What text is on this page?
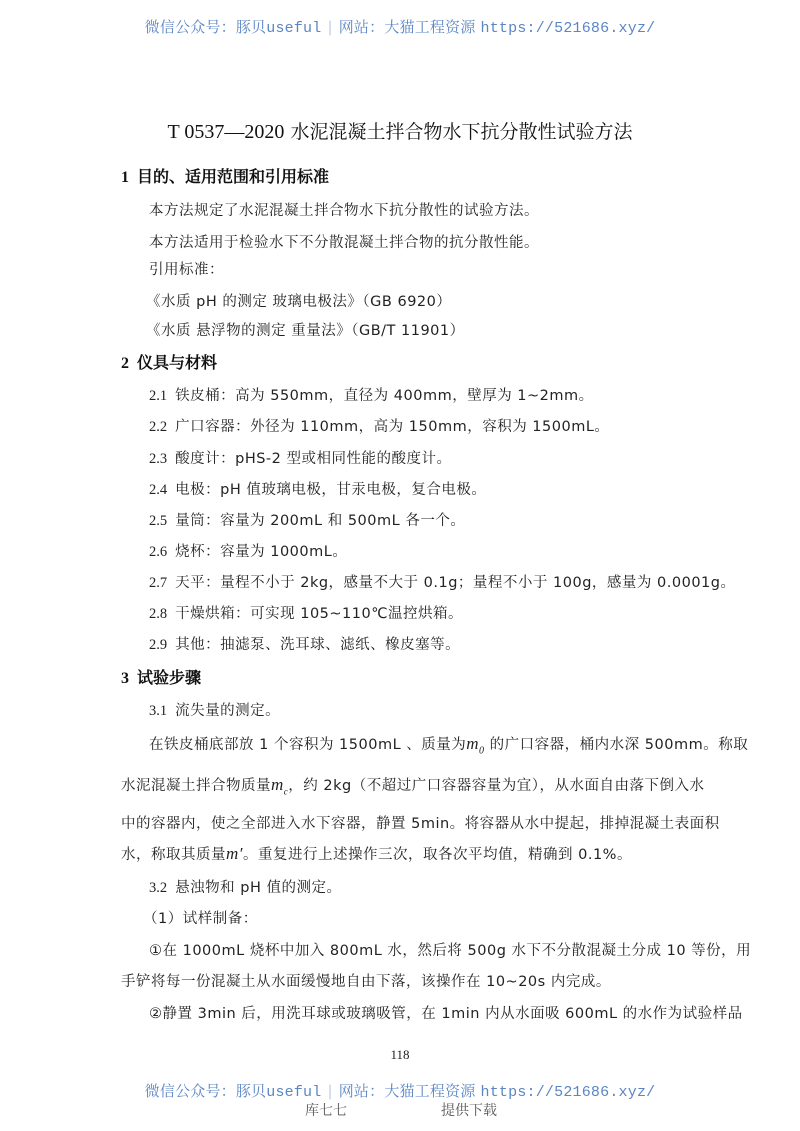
微信公众号：豚贝useful | 网站：大猫工程资源 https://521686.xyz/
T 0537—2020 水泥混凝土拌合物水下抗分散性试验方法
1 目的、适用范围和引用标准
本方法规定了水泥混凝土拌合物水下抗分散性的试验方法。
本方法适用于检验水下不分散混凝土拌合物的抗分散性能。
引用标准：
《水质 pH 的测定 玻璃电极法》（GB 6920）
《水质 悬浮物的测定 重量法》（GB/T 11901）
2 仪具与材料
2.1 铁皮桶：高为 550mm，直径为 400mm，壁厚为 1~2mm。
2.2 广口容器：外径为 110mm，高为 150mm，容积为 1500mL。
2.3 酸度计：pHS-2 型或相同性能的酸度计。
2.4 电极：pH 值玻璃电极，甘汞电极，复合电极。
2.5 量筒：容量为 200mL 和 500mL 各一个。
2.6 烧杯：容量为 1000mL。
2.7 天平：量程不小于 2kg，感量不大于 0.1g；量程不小于 100g，感量为 0.0001g。
2.8 干燥烘箱：可实现 105~110℃温控烘箱。
2.9 其他：抽滤泵、洗耳球、滤纸、橡皮塞等。
3 试验步骤
3.1 流失量的测定。
在铁皮桶底部放 1 个容积为 1500mL 、质量为$m_0$ 的广口容器，桶内水深 500mm。称取
水泥混凝土拌合物质量$m_c$，约 2kg（不超过广口容器容量为宜），从水面自由落下倒入水
中的容器内，使之全部进入水下容器，静置 5min。将容器从水中提起，排掉混凝土表面积
水，称取其质量m′。重复进行上述操作三次，取各次平均值，精确到 0.1%。
3.2 悬浊物和 pH 值的测定。
（1）试样制备：
①在 1000mL 烧杯中加入 800mL 水，然后将 500g 水下不分散混凝土分成 10 等份，用
手铲将每一份混凝土从水面缓慢地自由下落，该操作在 10~20s 内完成。
②静置 3min 后，用洗耳球或玻璃吸管，在 1min 内从水面吸 600mL 的水作为试验样品
118
微信公众号：豚贝useful | 网站：大猫工程资源 https://521686.xyz/
库七七	提供下载
